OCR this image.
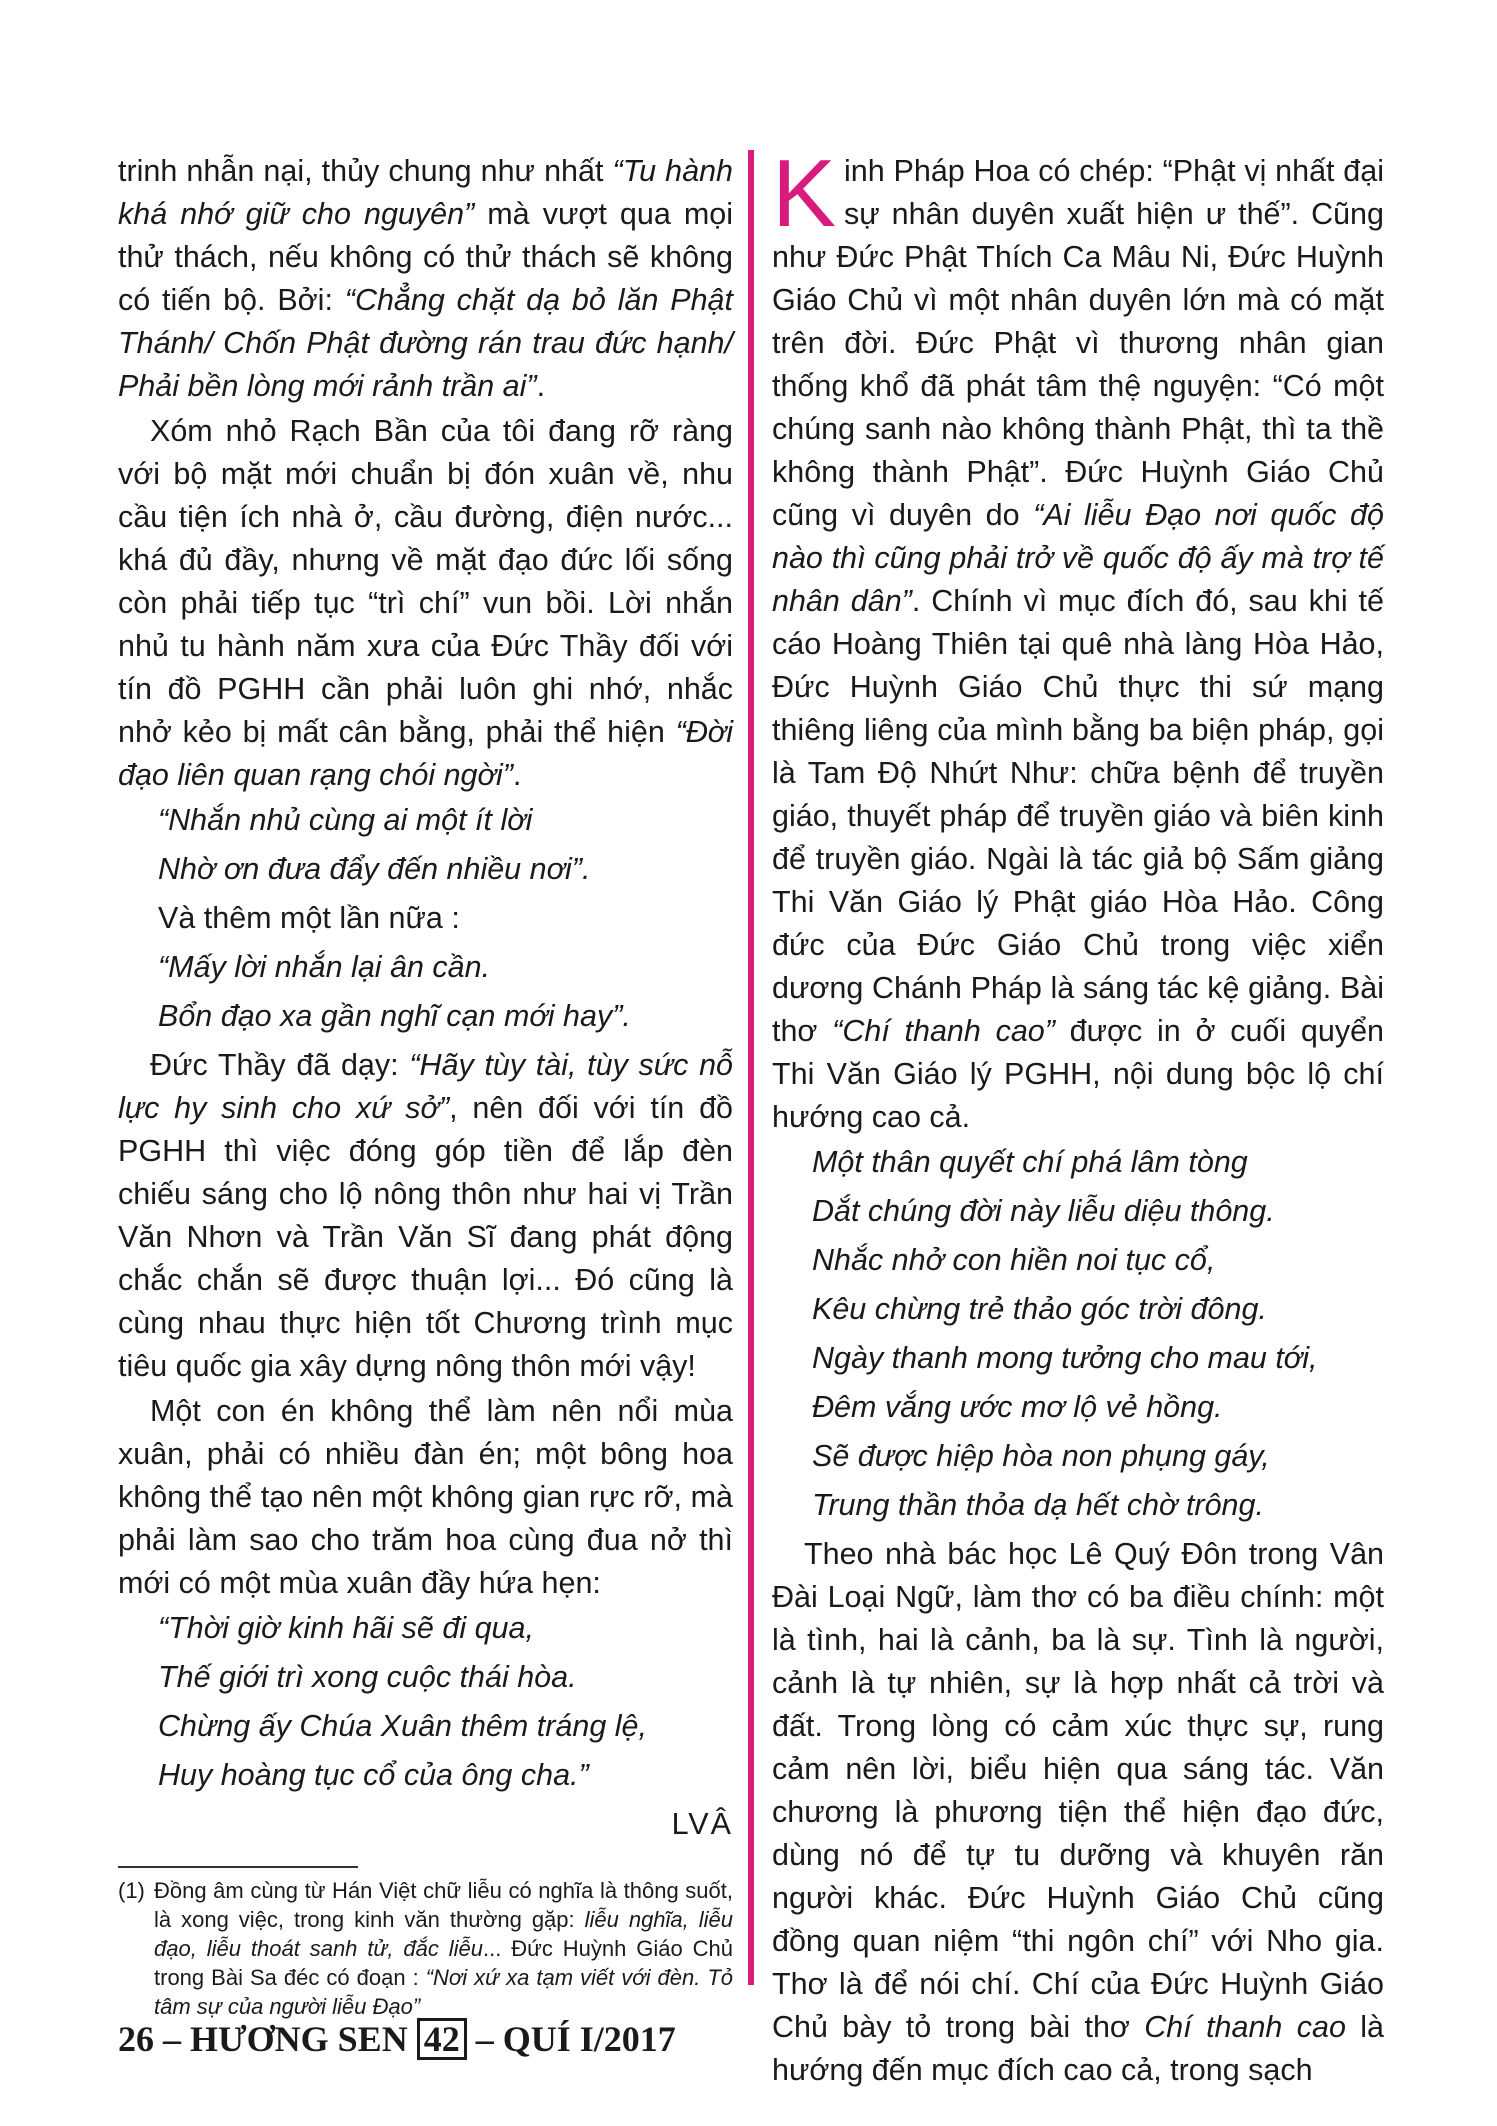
trinh nhẫn nại, thủy chung như nhất “Tu hành khá nhớ giữ cho nguyên” mà vượt qua mọi thử thách, nếu không có thử thách sẽ không có tiến bộ. Bởi: “Chẳng chặt dạ bỏ lăn Phật Thánh/ Chốn Phật đường rán trau đức hạnh/ Phải bền lòng mới rảnh trần ai”.

Xóm nhỏ Rạch Bần của tôi đang rỡ ràng với bộ mặt mới chuẩn bị đón xuân về, nhu cầu tiện ích nhà ở, cầu đường, điện nước... khá đủ đầy, nhưng về mặt đạo đức lối sống còn phải tiếp tục “trì chí” vun bồi. Lời nhắn nhủ tu hành năm xưa của Đức Thầy đối với tín đồ PGHH cần phải luôn ghi nhớ, nhắc nhở kẻo bị mất cân bằng, phải thể hiện “Đời đạo liên quan rạng chói ngời”.

“Nhắn nhủ cùng ai một ít lời

Nhờ ơn đưa đẩy đến nhiều nơi”.

Và thêm một lần nữa :

“Mấy lời nhắn lại ân cần.

Bổn đạo xa gần nghĩ cạn mới hay”.

Đức Thầy đã dạy: “Hãy tùy tài, tùy sức nỗ lực hy sinh cho xứ sở”, nên đối với tín đồ PGHH thì việc đóng góp tiền để lắp đèn chiếu sáng cho lộ nông thôn như hai vị Trần Văn Nhơn và Trần Văn Sĩ đang phát động chắc chắn sẽ được thuận lợi... Đó cũng là cùng nhau thực hiện tốt Chương trình mục tiêu quốc gia xây dựng nông thôn mới vậy!

Một con én không thể làm nên nổi mùa xuân, phải có nhiều đàn én; một bông hoa không thể tạo nên một không gian rực rỡ, mà phải làm sao cho trăm hoa cùng đua nở thì mới có một mùa xuân đầy hứa hẹn:

“Thời giờ kinh hãi sẽ đi qua,

Thế giới trì xong cuộc thái hòa.

Chừng ấy Chúa Xuân thêm tráng lệ,

Huy hoàng tục cổ của ông cha.”

LVÂ

Kinh Pháp Hoa có chép: “Phật vị nhất đại sự nhân duyên xuất hiện ư thế”. Cũng như Đức Phật Thích Ca Mâu Ni, Đức Huỳnh Giáo Chủ vì một nhân duyên lớn mà có mặt trên đời. Đức Phật vì thương nhân gian thống khổ đã phát tâm thệ nguyện: “Có một chúng sanh nào không thành Phật, thì ta thề không thành Phật”. Đức Huỳnh Giáo Chủ cũng vì duyên do “Ai liễu Đạo nơi quốc độ nào thì cũng phải trở về quốc độ ấy mà trợ tế nhân dân”. Chính vì mục đích đó, sau khi tế cáo Hoàng Thiên tại quê nhà làng Hòa Hảo, Đức Huỳnh Giáo Chủ thực thi sứ mạng thiêng liêng của mình bằng ba biện pháp, gọi là Tam Độ Nhứt Như: chữa bệnh để truyền giáo, thuyết pháp để truyền giáo và biên kinh để truyền giáo. Ngài là tác giả bộ Sấm giảng Thi Văn Giáo lý Phật giáo Hòa Hảo. Công đức của Đức Giáo Chủ trong việc xiển dương Chánh Pháp là sáng tác kệ giảng. Bài thơ “Chí thanh cao” được in ở cuối quyển Thi Văn Giáo lý PGHH, nội dung bộc lộ chí hướng cao cả.

Một thân quyết chí phá lâm tòng

Dắt chúng đời này liễu diệu thông.

Nhắc nhở con hiền noi tục cổ,

Kêu chừng trẻ thảo góc trời đông.

Ngày thanh mong tưởng cho mau tới,

Đêm vắng ước mơ lộ vẻ hồng.

Sẽ được hiệp hòa non phụng gáy,

Trung thần thỏa dạ hết chờ trông.

Theo nhà bác học Lê Quý Đôn trong Vân Đài Loại Ngữ, làm thơ có ba điều chính: một là tình, hai là cảnh, ba là sự. Tình là người, cảnh là tự nhiên, sự là hợp nhất cả trời và đất. Trong lòng có cảm xúc thực sự, rung cảm nên lời, biểu hiện qua sáng tác. Văn chương là phương tiện thể hiện đạo đức, dùng nó để tự tu dưỡng và khuyên răn người khác. Đức Huỳnh Giáo Chủ cũng đồng quan niệm “thi ngôn chí” với Nho gia. Thơ là để nói chí. Chí của Đức Huỳnh Giáo Chủ bày tỏ trong bài thơ Chí thanh cao là hướng đến mục đích cao cả, trong sạch

(1) Đồng âm cùng từ Hán Việt chữ liễu có nghĩa là thông suốt, là xong việc, trong kinh văn thường gặp: liễu nghĩa, liễu đạo, liễu thoát sanh tử, đắc liễu... Đức Huỳnh Giáo Chủ trong Bài Sa đéc có đoạn : “Nơi xứ xa tạm viết với đèn. Tỏ tâm sự của người liễu Đạo”
26 – HƯƠNG SEN 42 – QUÍ I/2017
